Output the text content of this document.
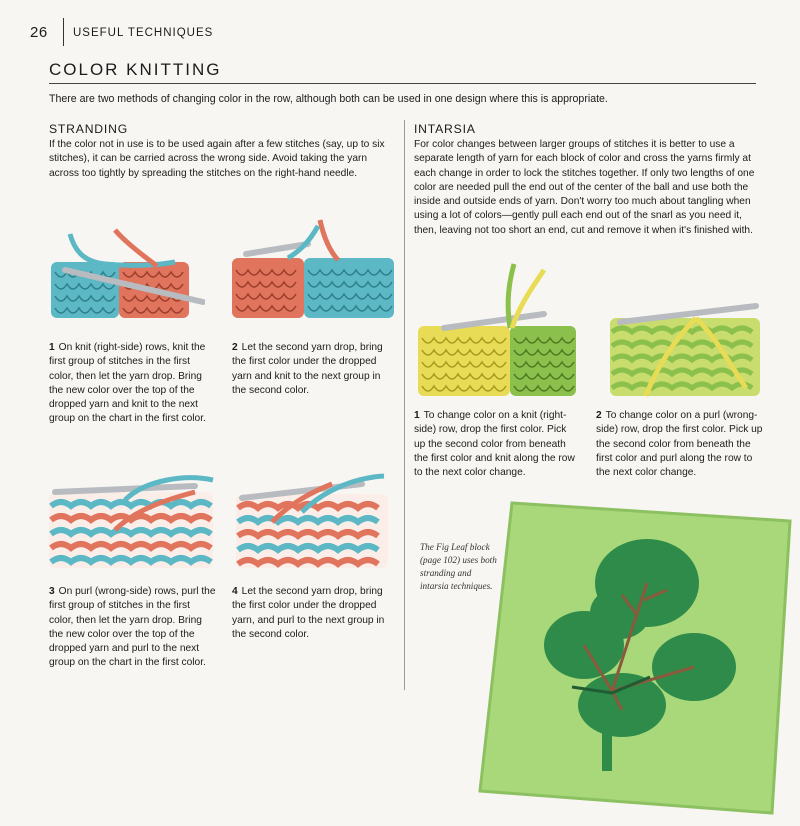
26 USEFUL TECHNIQUES
COLOR KNITTING
There are two methods of changing color in the row, although both can be used in one design where this is appropriate.
STRANDING
If the color not in use is to be used again after a few stitches (say, up to six stitches), it can be carried across the wrong side. Avoid taking the yarn across too tightly by spreading the stitches on the right-hand needle.
1 On knit (right-side) rows, knit the first group of stitches in the first color, then let the yarn drop. Bring the new color over the top of the dropped yarn and knit to the next group on the chart in the first color.
2 Let the second yarn drop, bring the first color under the dropped yarn and knit to the next group in the second color.
3 On purl (wrong-side) rows, purl the first group of stitches in the first color, then let the yarn drop. Bring the new color over the top of the dropped yarn and purl to the next group on the chart in the first color.
4 Let the second yarn drop, bring the first color under the dropped yarn, and purl to the next group in the second color.
INTARSIA
For color changes between larger groups of stitches it is better to use a separate length of yarn for each block of color and cross the yarns firmly at each change in order to lock the stitches together. If only two lengths of one color are needed pull the end out of the center of the ball and use both the inside and outside ends of yarn. Don't worry too much about tangling when using a lot of colors—gently pull each end out of the snarl as you need it, then, leaving not too short an end, cut and remove it when it's finished with.
1 To change color on a knit (right-side) row, drop the first color. Pick up the second color from beneath the first color and knit along the row to the next color change.
2 To change color on a purl (wrong-side) row, drop the first color. Pick up the second color from beneath the first color and purl along the row to the next color change.
The Fig Leaf block (page 102) uses both stranding and intarsia techniques.
